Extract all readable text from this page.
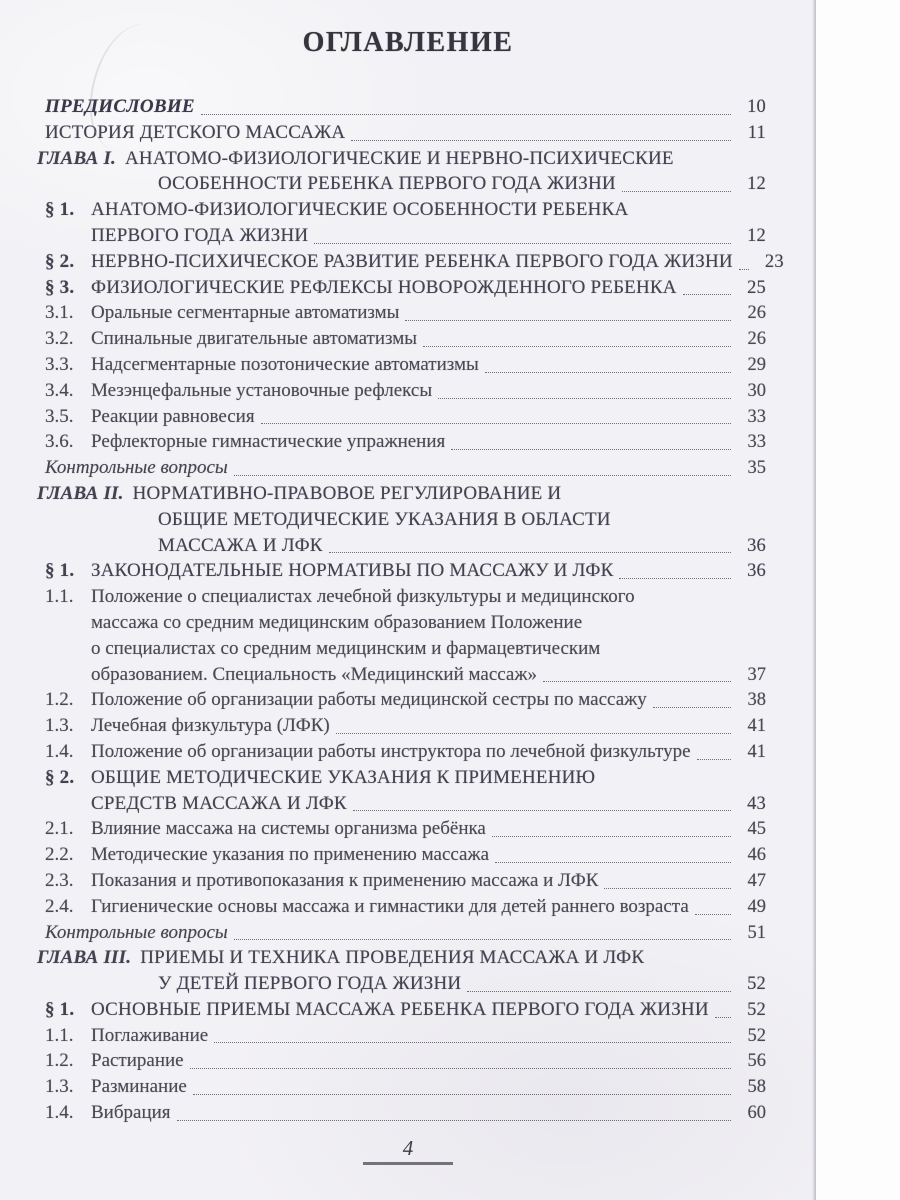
ОГЛАВЛЕНИЕ
ПРЕДИСЛОВИЕ	10
ИСТОРИЯ ДЕТСКОГО МАССАЖА	11
ГЛАВА I. АНАТОМО-ФИЗИОЛОГИЧЕСКИЕ И НЕРВНО-ПСИХИЧЕСКИЕ
ОСОБЕННОСТИ РЕБЕНКА ПЕРВОГО ГОДА ЖИЗНИ	12
§ 1. АНАТОМО-ФИЗИОЛОГИЧЕСКИЕ ОСОБЕННОСТИ РЕБЕНКА
ПЕРВОГО ГОДА ЖИЗНИ	12
§ 2. НЕРВНО-ПСИХИЧЕСКОЕ РАЗВИТИЕ РЕБЕНКА ПЕРВОГО ГОДА ЖИЗНИ	23
§ 3. ФИЗИОЛОГИЧЕСКИЕ РЕФЛЕКСЫ НОВОРОЖДЕННОГО РЕБЕНКА	25
3.1. Оральные сегментарные автоматизмы	26
3.2. Спинальные двигательные автоматизмы	26
3.3. Надсегментарные позотонические автоматизмы	29
3.4. Мезэнцефальные установочные рефлексы	30
3.5. Реакции равновесия	33
3.6. Рефлекторные гимнастические упражнения	33
Контрольные вопросы	35
ГЛАВА II. НОРМАТИВНО-ПРАВОВОЕ РЕГУЛИРОВАНИЕ И
ОБЩИЕ МЕТОДИЧЕСКИЕ УКАЗАНИЯ В ОБЛАСТИ
МАССАЖА И ЛФК	36
§ 1. ЗАКОНОДАТЕЛЬНЫЕ НОРМАТИВЫ ПО МАССАЖУ И ЛФК	36
1.1. Положение о специалистах лечебной физкультуры и медицинского
массажа со средним медицинским образованием Положение
о специалистах со средним медицинским и фармацевтическим
образованием. Специальность «Медицинский массаж»	37
1.2. Положение об организации работы медицинской сестры по массажу	38
1.3. Лечебная физкультура (ЛФК)	41
1.4. Положение об организации работы инструктора по лечебной физкультуре	41
§ 2. ОБЩИЕ МЕТОДИЧЕСКИЕ УКАЗАНИЯ К ПРИМЕНЕНИЮ
СРЕДСТВ МАССАЖА И ЛФК	43
2.1. Влияние массажа на системы организма ребёнка	45
2.2. Методические указания по применению массажа	46
2.3. Показания и противопоказания к применению массажа и ЛФК	47
2.4. Гигиенические основы массажа и гимнастики для детей раннего возраста	49
Контрольные вопросы	51
ГЛАВА III. ПРИЕМЫ И ТЕХНИКА ПРОВЕДЕНИЯ МАССАЖА И ЛФК
У ДЕТЕЙ ПЕРВОГО ГОДА ЖИЗНИ	52
§ 1. ОСНОВНЫЕ ПРИЕМЫ МАССАЖА РЕБЕНКА ПЕРВОГО ГОДА ЖИЗНИ	52
1.1. Поглаживание	52
1.2. Растирание	56
1.3. Разминание	58
1.4. Вибрация	60
4
